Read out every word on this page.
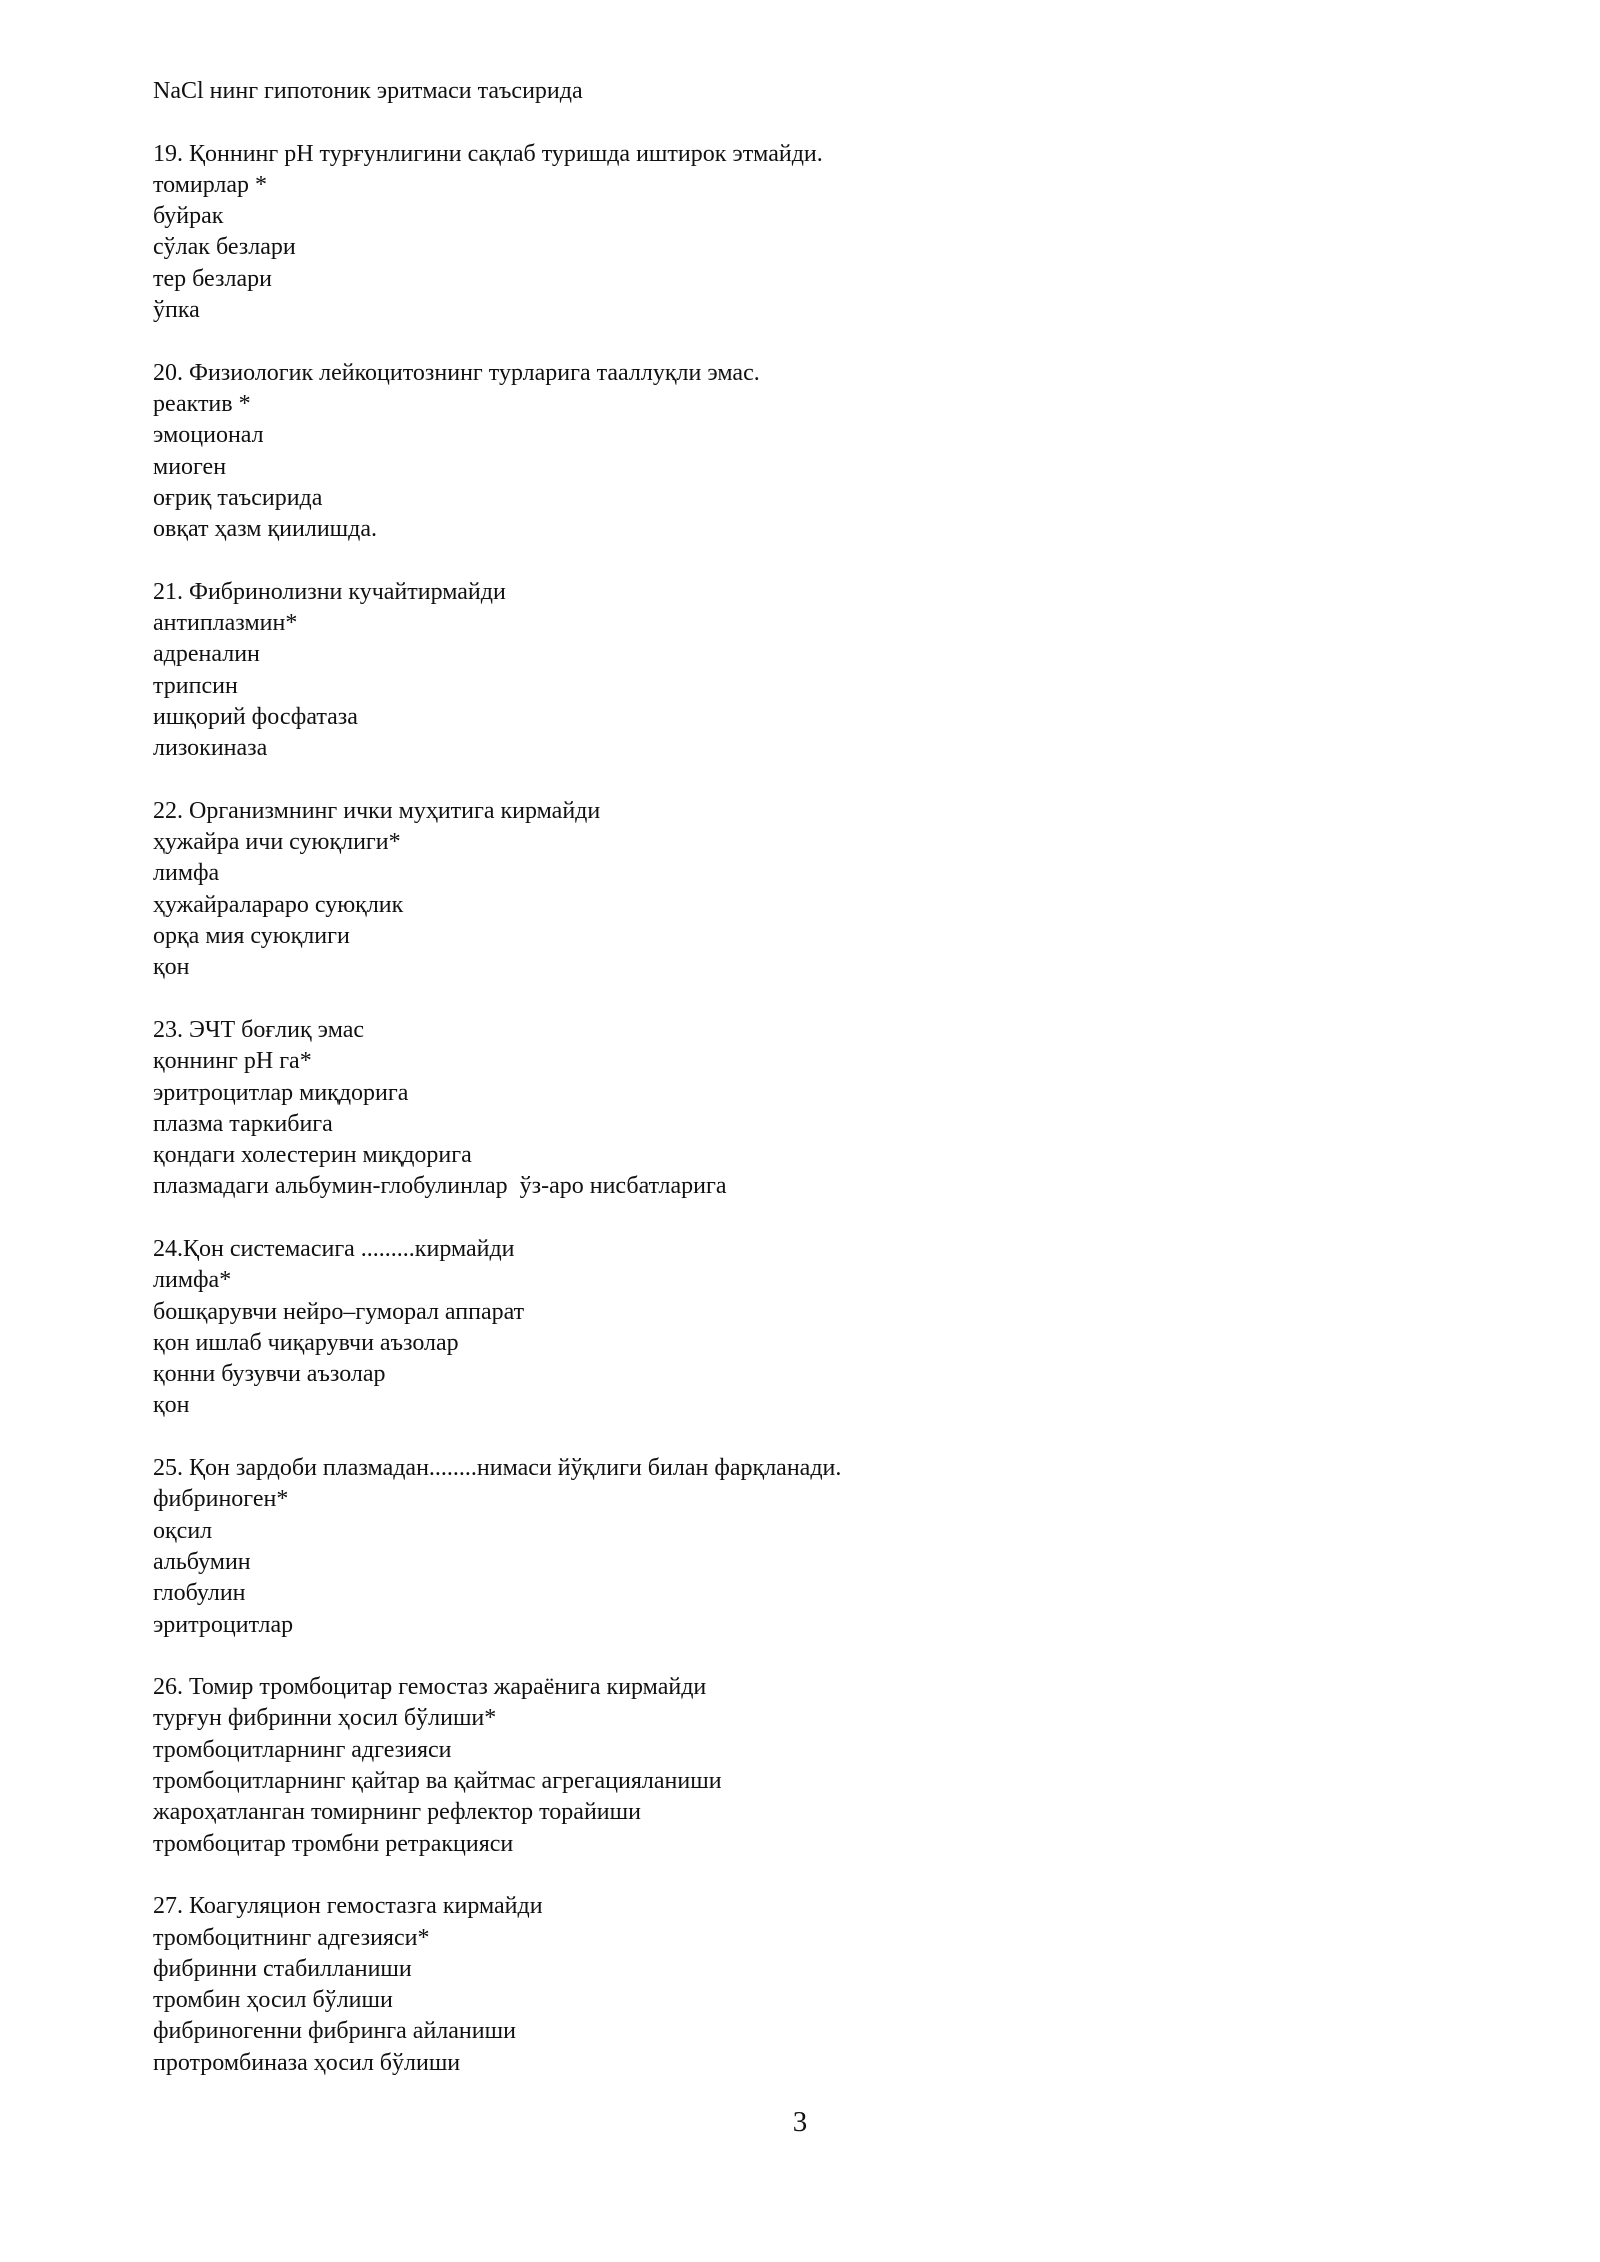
NaCl нинг гипотоник эритмаси таъсирида
19. Қоннинг рН турғунлигини сақлаб туришда иштирок этмайди.
томирлар *
буйрак
сўлак безлари
тер безлари
ўпка
20. Физиологик лейкоцитознинг турларига тааллуқли эмас.
реактив *
эмоционал
миоген
оғриқ таъсирида
овқат ҳазм қиилишда.
21. Фибринолизни кучайтирмайди
антиплазмин*
адреналин
трипсин
ишқорий фосфатаза
лизокиназа
22. Организмнинг ички муҳитига кирмайди
ҳужайра ичи суюқлиги*
лимфа
ҳужайралараро суюқлик
орқа мия суюқлиги
қон
23. ЭЧТ боғлиқ эмас
қоннинг рН га*
эритроцитлар миқдорига
плазма таркибига
қондаги холестерин миқдорига
плазмадаги альбумин-глобулинлар  ўз-аро нисбатларига
24.Қон системасига .........кирмайди
лимфа*
бошқарувчи нейро–гуморал аппарат
қон ишлаб чиқарувчи аъзолар
қонни бузувчи аъзолар
қон
25. Қон зардоби плазмадан........нимаси йўқлиги билан фарқланади.
фибриноген*
оқсил
альбумин
глобулин
эритроцитлар
26. Томир тромбоцитар гемостаз жараёнига кирмайди
турғун фибринни ҳосил бўлиши*
тромбоцитларнинг адгезияси
тромбоцитларнинг қайтар ва қайтмас агрегацияланиши
жароҳатланган томирнинг рефлектор торайиши
тромбоцитар тромбни ретракцияси
27. Коагуляцион гемостазга кирмайди
тромбоцитнинг адгезияси*
фибринни стабилланиши
тромбин ҳосил бўлиши
фибриногенни фибринга айланиши
протромбиназа ҳосил бўлиши
3
